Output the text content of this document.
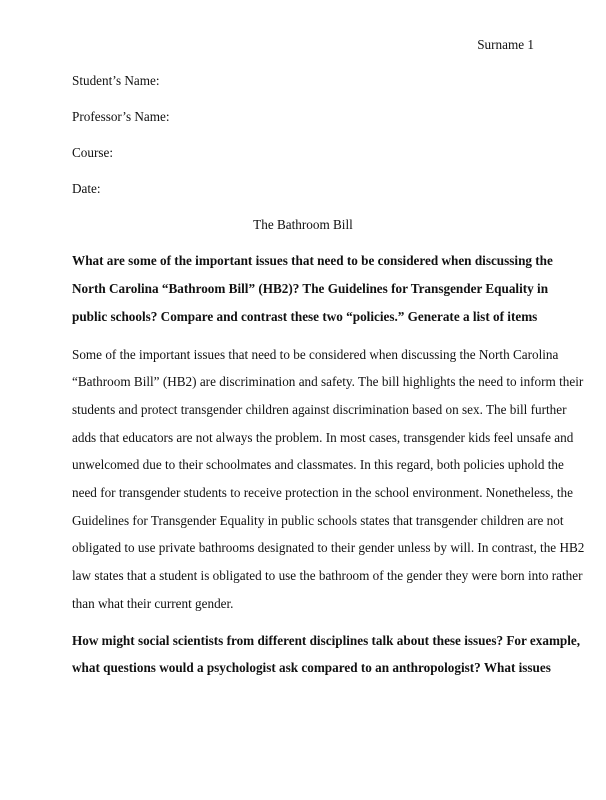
Surname 1
Student’s Name:
Professor’s Name:
Course:
Date:
The Bathroom Bill
What are some of the important issues that need to be considered when discussing the
North Carolina “Bathroom Bill” (HB2)? The Guidelines for Transgender Equality in
public schools? Compare and contrast these two “policies.” Generate a list of items
Some of the important issues that need to be considered when discussing the North Carolina
“Bathroom Bill” (HB2) are discrimination and safety. The bill highlights the need to inform their
students and protect transgender children against discrimination based on sex. The bill further
adds that educators are not always the problem. In most cases, transgender kids feel unsafe and
unwelcomed due to their schoolmates and classmates. In this regard, both policies uphold the
need for transgender students to receive protection in the school environment. Nonetheless, the
Guidelines for Transgender Equality in public schools states that transgender children are not
obligated to use private bathrooms designated to their gender unless by will. In contrast, the HB2
law states that a student is obligated to use the bathroom of the gender they were born into rather
than what their current gender.
How might social scientists from different disciplines talk about these issues? For example,
what questions would a psychologist ask compared to an anthropologist? What issues
